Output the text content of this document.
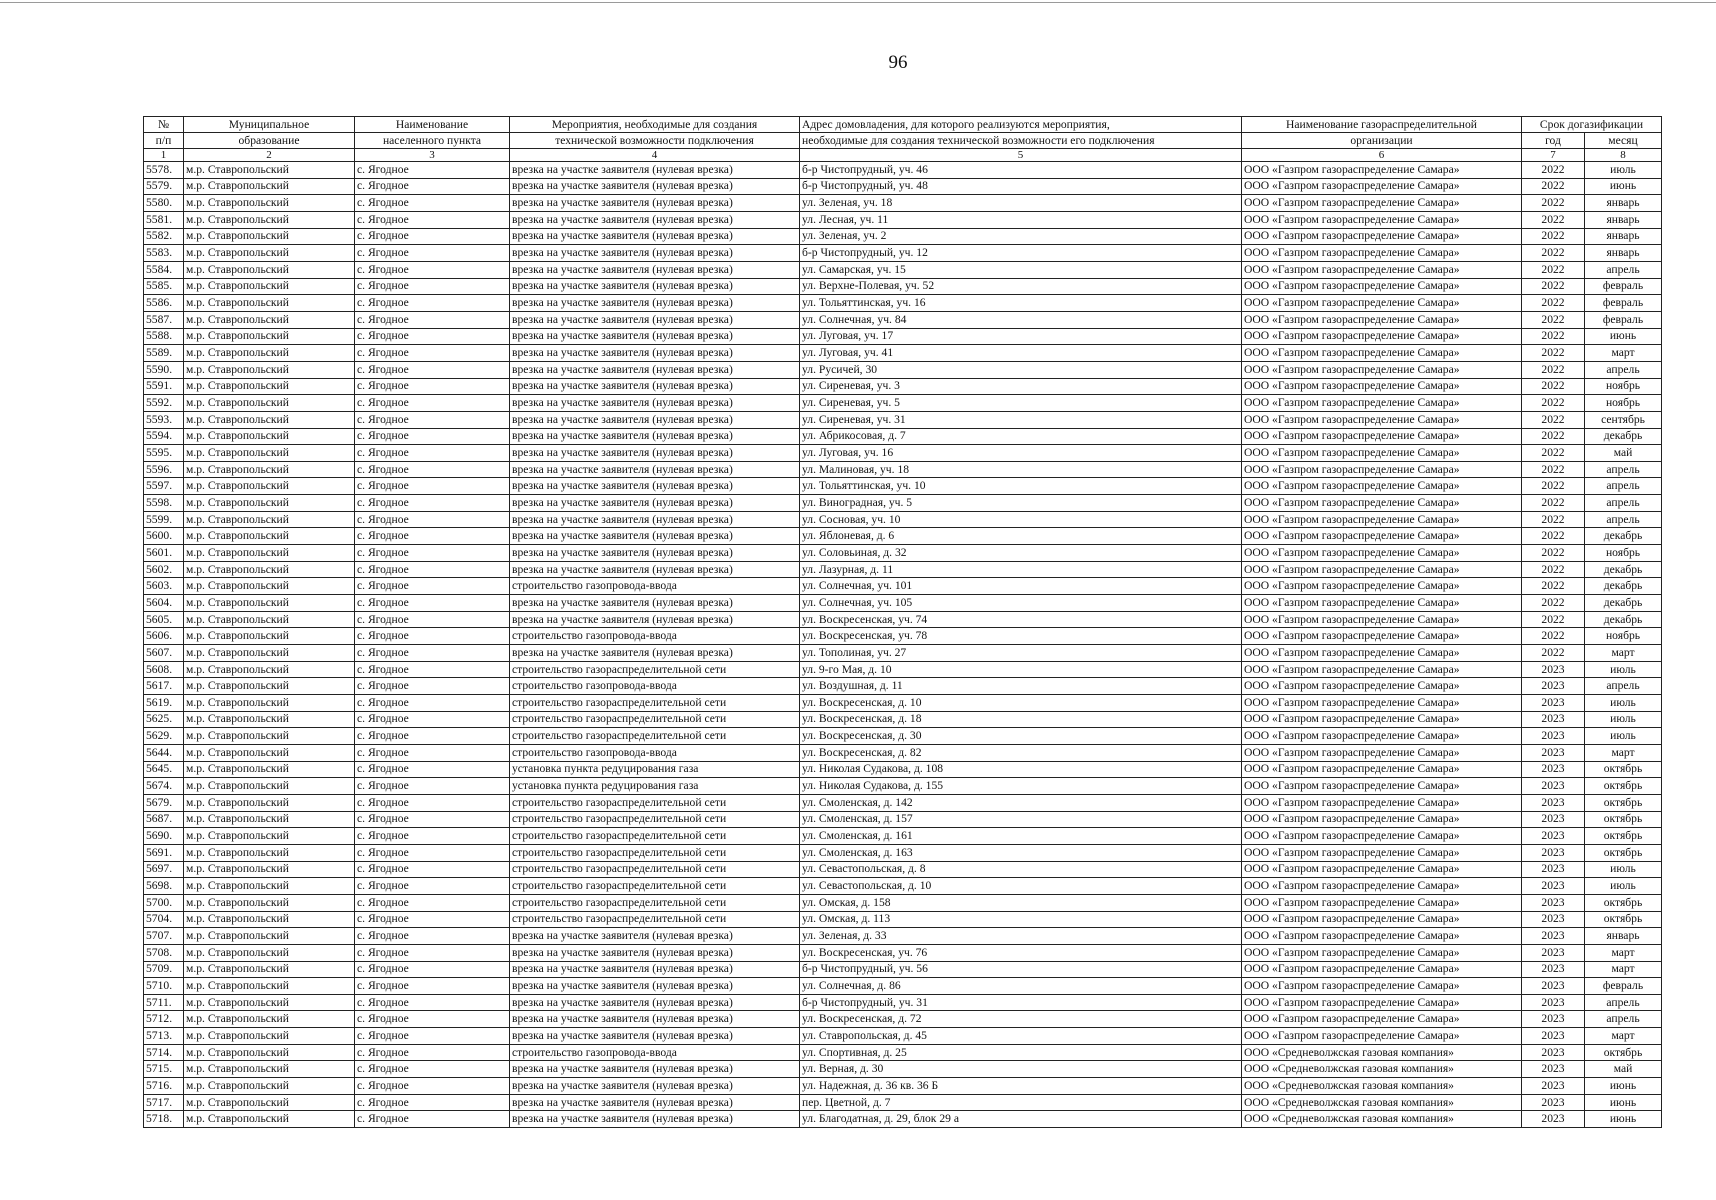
96
№	Муниципальное	Наименование	Мероприятия, необходимые для создания	Адрес домовладения, для которого реализуются мероприятия,	Наименование газораспределительной	Срок догазификации	
п/п	образование	населенного пункта	технической возможности подключения	необходимые для создания технической возможности его подключения	организации	год	месяц
1	2	3	4	5	6	7	8
5578.	м.р. Ставропольский	с. Ягодное	врезка на участке заявителя (нулевая врезка)	б-р Чистопрудный, уч. 46	ООО «Газпром газораспределение Самара»	2022	июль
5579.	м.р. Ставропольский	с. Ягодное	врезка на участке заявителя (нулевая врезка)	б-р Чистопрудный, уч. 48	ООО «Газпром газораспределение Самара»	2022	июнь
5580.	м.р. Ставропольский	с. Ягодное	врезка на участке заявителя (нулевая врезка)	ул. Зеленая, уч. 18	ООО «Газпром газораспределение Самара»	2022	январь
5581.	м.р. Ставропольский	с. Ягодное	врезка на участке заявителя (нулевая врезка)	ул. Лесная, уч. 11	ООО «Газпром газораспределение Самара»	2022	январь
5582.	м.р. Ставропольский	с. Ягодное	врезка на участке заявителя (нулевая врезка)	ул. Зеленая, уч. 2	ООО «Газпром газораспределение Самара»	2022	январь
5583.	м.р. Ставропольский	с. Ягодное	врезка на участке заявителя (нулевая врезка)	б-р Чистопрудный, уч. 12	ООО «Газпром газораспределение Самара»	2022	январь
5584.	м.р. Ставропольский	с. Ягодное	врезка на участке заявителя (нулевая врезка)	ул. Самарская, уч. 15	ООО «Газпром газораспределение Самара»	2022	апрель
5585.	м.р. Ставропольский	с. Ягодное	врезка на участке заявителя (нулевая врезка)	ул. Верхне-Полевая, уч. 52	ООО «Газпром газораспределение Самара»	2022	февраль
5586.	м.р. Ставропольский	с. Ягодное	врезка на участке заявителя (нулевая врезка)	ул. Тольяттинская, уч. 16	ООО «Газпром газораспределение Самара»	2022	февраль
5587.	м.р. Ставропольский	с. Ягодное	врезка на участке заявителя (нулевая врезка)	ул. Солнечная, уч. 84	ООО «Газпром газораспределение Самара»	2022	февраль
5588.	м.р. Ставропольский	с. Ягодное	врезка на участке заявителя (нулевая врезка)	ул. Луговая, уч. 17	ООО «Газпром газораспределение Самара»	2022	июнь
5589.	м.р. Ставропольский	с. Ягодное	врезка на участке заявителя (нулевая врезка)	ул. Луговая, уч. 41	ООО «Газпром газораспределение Самара»	2022	март
5590.	м.р. Ставропольский	с. Ягодное	врезка на участке заявителя (нулевая врезка)	ул. Русичей, 30	ООО «Газпром газораспределение Самара»	2022	апрель
5591.	м.р. Ставропольский	с. Ягодное	врезка на участке заявителя (нулевая врезка)	ул. Сиреневая, уч. 3	ООО «Газпром газораспределение Самара»	2022	ноябрь
5592.	м.р. Ставропольский	с. Ягодное	врезка на участке заявителя (нулевая врезка)	ул. Сиреневая, уч. 5	ООО «Газпром газораспределение Самара»	2022	ноябрь
5593.	м.р. Ставропольский	с. Ягодное	врезка на участке заявителя (нулевая врезка)	ул. Сиреневая, уч. 31	ООО «Газпром газораспределение Самара»	2022	сентябрь
5594.	м.р. Ставропольский	с. Ягодное	врезка на участке заявителя (нулевая врезка)	ул. Абрикосовая, д. 7	ООО «Газпром газораспределение Самара»	2022	декабрь
5595.	м.р. Ставропольский	с. Ягодное	врезка на участке заявителя (нулевая врезка)	ул. Луговая, уч. 16	ООО «Газпром газораспределение Самара»	2022	май
5596.	м.р. Ставропольский	с. Ягодное	врезка на участке заявителя (нулевая врезка)	ул. Малиновая, уч. 18	ООО «Газпром газораспределение Самара»	2022	апрель
5597.	м.р. Ставропольский	с. Ягодное	врезка на участке заявителя (нулевая врезка)	ул. Тольяттинская, уч. 10	ООО «Газпром газораспределение Самара»	2022	апрель
5598.	м.р. Ставропольский	с. Ягодное	врезка на участке заявителя (нулевая врезка)	ул. Виноградная, уч. 5	ООО «Газпром газораспределение Самара»	2022	апрель
5599.	м.р. Ставропольский	с. Ягодное	врезка на участке заявителя (нулевая врезка)	ул. Сосновая, уч. 10	ООО «Газпром газораспределение Самара»	2022	апрель
5600.	м.р. Ставропольский	с. Ягодное	врезка на участке заявителя (нулевая врезка)	ул. Яблоневая, д. 6	ООО «Газпром газораспределение Самара»	2022	декабрь
5601.	м.р. Ставропольский	с. Ягодное	врезка на участке заявителя (нулевая врезка)	ул. Соловьиная, д. 32	ООО «Газпром газораспределение Самара»	2022	ноябрь
5602.	м.р. Ставропольский	с. Ягодное	врезка на участке заявителя (нулевая врезка)	ул. Лазурная, д. 11	ООО «Газпром газораспределение Самара»	2022	декабрь
5603.	м.р. Ставропольский	с. Ягодное	строительство газопровода-ввода	ул. Солнечная, уч. 101	ООО «Газпром газораспределение Самара»	2022	декабрь
5604.	м.р. Ставропольский	с. Ягодное	врезка на участке заявителя (нулевая врезка)	ул. Солнечная, уч. 105	ООО «Газпром газораспределение Самара»	2022	декабрь
5605.	м.р. Ставропольский	с. Ягодное	врезка на участке заявителя (нулевая врезка)	ул. Воскресенская, уч. 74	ООО «Газпром газораспределение Самара»	2022	декабрь
5606.	м.р. Ставропольский	с. Ягодное	строительство газопровода-ввода	ул. Воскресенская, уч. 78	ООО «Газпром газораспределение Самара»	2022	ноябрь
5607.	м.р. Ставропольский	с. Ягодное	врезка на участке заявителя (нулевая врезка)	ул. Тополиная, уч. 27	ООО «Газпром газораспределение Самара»	2022	март
5608.	м.р. Ставропольский	с. Ягодное	строительство газораспределительной сети	ул. 9-го Мая, д. 10	ООО «Газпром газораспределение Самара»	2023	июль
5617.	м.р. Ставропольский	с. Ягодное	строительство газопровода-ввода	ул. Воздушная, д. 11	ООО «Газпром газораспределение Самара»	2023	апрель
5619.	м.р. Ставропольский	с. Ягодное	строительство газораспределительной сети	ул. Воскресенская, д. 10	ООО «Газпром газораспределение Самара»	2023	июль
5625.	м.р. Ставропольский	с. Ягодное	строительство газораспределительной сети	ул. Воскресенская, д. 18	ООО «Газпром газораспределение Самара»	2023	июль
5629.	м.р. Ставропольский	с. Ягодное	строительство газораспределительной сети	ул. Воскресенская, д. 30	ООО «Газпром газораспределение Самара»	2023	июль
5644.	м.р. Ставропольский	с. Ягодное	строительство газопровода-ввода	ул. Воскресенская, д. 82	ООО «Газпром газораспределение Самара»	2023	март
5645.	м.р. Ставропольский	с. Ягодное	установка пункта редуцирования газа	ул. Николая Судакова, д. 108	ООО «Газпром газораспределение Самара»	2023	октябрь
5674.	м.р. Ставропольский	с. Ягодное	установка пункта редуцирования газа	ул. Николая Судакова, д. 155	ООО «Газпром газораспределение Самара»	2023	октябрь
5679.	м.р. Ставропольский	с. Ягодное	строительство газораспределительной сети	ул. Смоленская, д. 142	ООО «Газпром газораспределение Самара»	2023	октябрь
5687.	м.р. Ставропольский	с. Ягодное	строительство газораспределительной сети	ул. Смоленская, д. 157	ООО «Газпром газораспределение Самара»	2023	октябрь
5690.	м.р. Ставропольский	с. Ягодное	строительство газораспределительной сети	ул. Смоленская, д. 161	ООО «Газпром газораспределение Самара»	2023	октябрь
5691.	м.р. Ставропольский	с. Ягодное	строительство газораспределительной сети	ул. Смоленская, д. 163	ООО «Газпром газораспределение Самара»	2023	октябрь
5697.	м.р. Ставропольский	с. Ягодное	строительство газораспределительной сети	ул. Севастопольская, д. 8	ООО «Газпром газораспределение Самара»	2023	июль
5698.	м.р. Ставропольский	с. Ягодное	строительство газораспределительной сети	ул. Севастопольская, д. 10	ООО «Газпром газораспределение Самара»	2023	июль
5700.	м.р. Ставропольский	с. Ягодное	строительство газораспределительной сети	ул. Омская, д. 158	ООО «Газпром газораспределение Самара»	2023	октябрь
5704.	м.р. Ставропольский	с. Ягодное	строительство газораспределительной сети	ул. Омская, д. 113	ООО «Газпром газораспределение Самара»	2023	октябрь
5707.	м.р. Ставропольский	с. Ягодное	врезка на участке заявителя (нулевая врезка)	ул. Зеленая, д. 33	ООО «Газпром газораспределение Самара»	2023	январь
5708.	м.р. Ставропольский	с. Ягодное	врезка на участке заявителя (нулевая врезка)	ул. Воскресенская, уч. 76	ООО «Газпром газораспределение Самара»	2023	март
5709.	м.р. Ставропольский	с. Ягодное	врезка на участке заявителя (нулевая врезка)	б-р Чистопрудный, уч. 56	ООО «Газпром газораспределение Самара»	2023	март
5710.	м.р. Ставропольский	с. Ягодное	врезка на участке заявителя (нулевая врезка)	ул. Солнечная, д. 86	ООО «Газпром газораспределение Самара»	2023	февраль
5711.	м.р. Ставропольский	с. Ягодное	врезка на участке заявителя (нулевая врезка)	б-р Чистопрудный, уч. 31	ООО «Газпром газораспределение Самара»	2023	апрель
5712.	м.р. Ставропольский	с. Ягодное	врезка на участке заявителя (нулевая врезка)	ул. Воскресенская, д. 72	ООО «Газпром газораспределение Самара»	2023	апрель
5713.	м.р. Ставропольский	с. Ягодное	врезка на участке заявителя (нулевая врезка)	ул. Ставропольская, д. 45	ООО «Газпром газораспределение Самара»	2023	март
5714.	м.р. Ставропольский	с. Ягодное	строительство газопровода-ввода	ул. Спортивная, д. 25	ООО «Средневолжская газовая компания»	2023	октябрь
5715.	м.р. Ставропольский	с. Ягодное	врезка на участке заявителя (нулевая врезка)	ул. Верная, д. 30	ООО «Средневолжская газовая компания»	2023	май
5716.	м.р. Ставропольский	с. Ягодное	врезка на участке заявителя (нулевая врезка)	ул. Надежная, д. 36 кв. 36 Б	ООО «Средневолжская газовая компания»	2023	июнь
5717.	м.р. Ставропольский	с. Ягодное	врезка на участке заявителя (нулевая врезка)	пер. Цветной, д. 7	ООО «Средневолжская газовая компания»	2023	июнь
5718.	м.р. Ставропольский	с. Ягодное	врезка на участке заявителя (нулевая врезка)	ул. Благодатная, д. 29, блок 29 а	ООО «Средневолжская газовая компания»	2023	июнь
